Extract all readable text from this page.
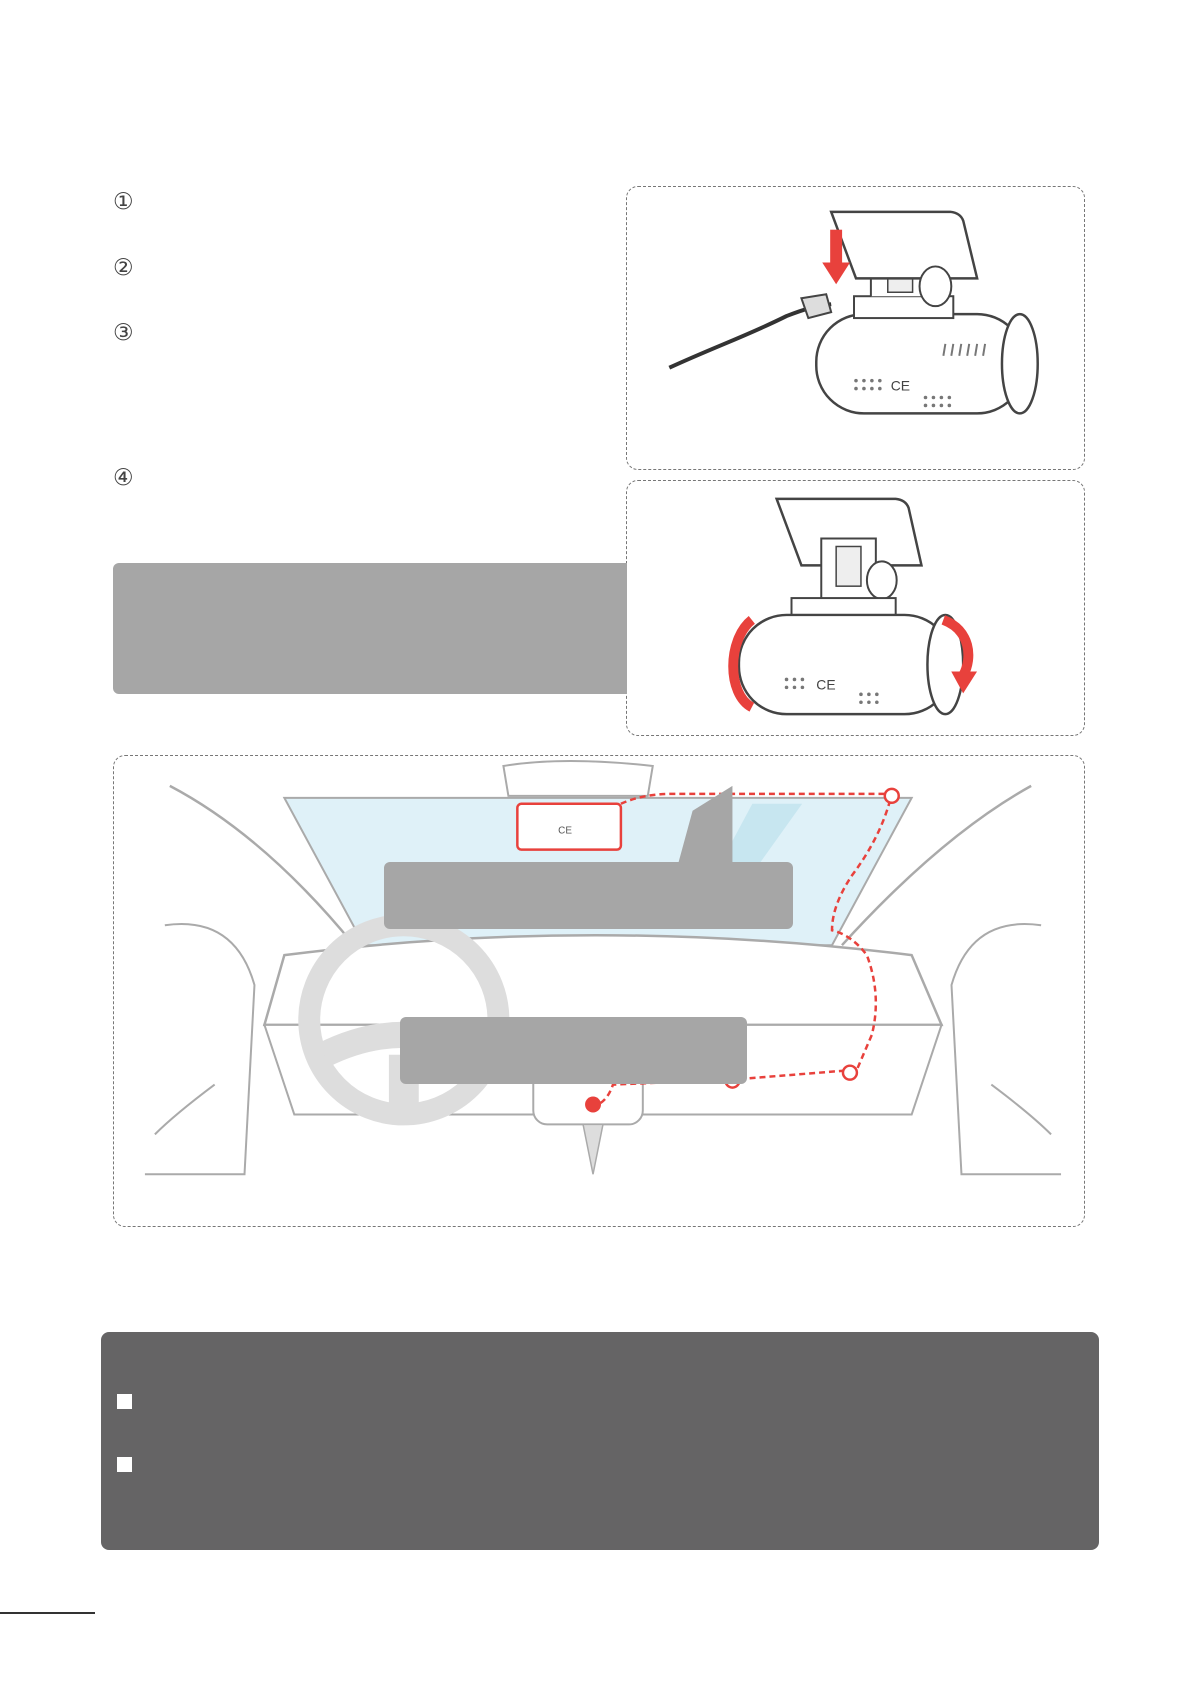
①
②
③
④
CE
CE
CE
